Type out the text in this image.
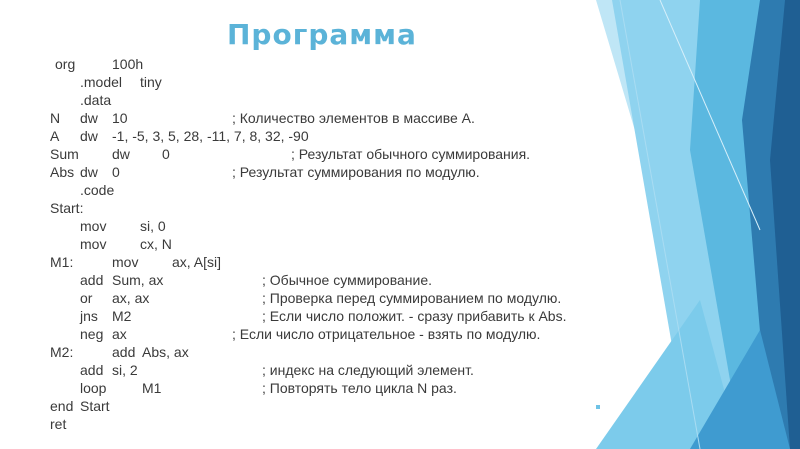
Программа
org	100h
.model tiny
.data
N dw 10	; Количество элементов в массиве А.
A dw -1, -5, 3, 5, 28, -11, 7, 8, 32, -90
Sum dw 0	; Результат обычного суммирования.
Abs dw 0	; Результат суммирования по модулю.
.code
Start:
mov si, 0
mov cx, N
M1:	mov ax, A[si]
add Sum, ax	; Обычное суммирование.
or ax, ax	; Проверка перед суммированием по модулю.
jns M2	; Если число положит. - сразу прибавить к Abs.
neg ax	; Если число отрицательное - взять по модулю.
M2:	add Abs, ax
add si, 2	; индекс на следующий элемент.
loop	M1	; Повторять тело цикла N раз.
end Start
ret
